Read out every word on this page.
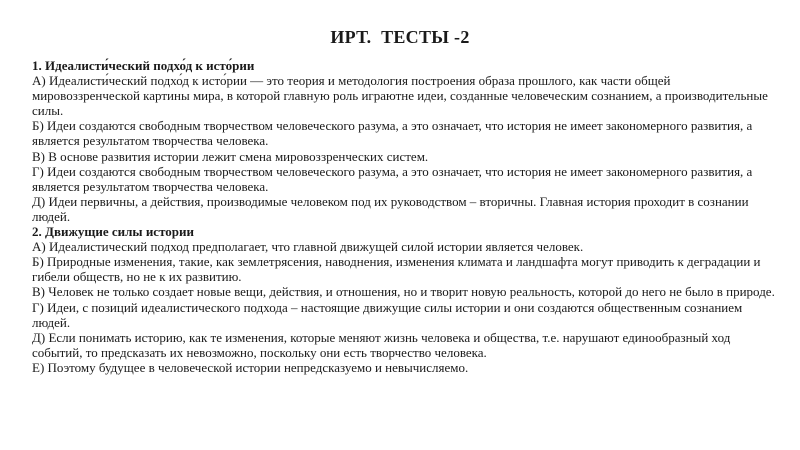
ИРТ.  ТЕСТЫ -2
1. Идеалисти́ческий подхо́д к исто́рии
А) Идеалисти́ческий подхо́д к исто́рии — это теория и методология построения образа прошлого, как части общей мировоззренческой картины мира, в которой главную роль играютне идеи, созданные человеческим сознанием, а производительные силы.
Б) Идеи создаются свободным творчеством человеческого разума, а это означает, что история не имеет закономерного развития, а является результатом творчества человека.
В) В основе развития истории лежит смена мировоззренческих систем.
Г) Идеи создаются свободным творчеством человеческого разума, а это означает, что история не имеет закономерного развития, а является результатом творчества человека.
Д) Идеи первичны, а действия, производимые человеком под их руководством – вторичны. Главная история проходит в сознании людей.
2. Движущие силы истории
А) Идеалистический подход предполагает, что главной движущей силой истории является человек.
Б) Природные изменения, такие, как землетрясения, наводнения, изменения климата и ландшафта могут приводить к деградации и гибели обществ, но не к их развитию.
В) Человек не только создает новые вещи, действия, и отношения, но и творит новую реальность, которой до него не было в природе.
Г) Идеи, с позиций идеалистического подхода – настоящие движущие силы истории и они создаются общественным сознанием людей.
Д) Если понимать историю, как те изменения, которые меняют жизнь человека и общества, т.е. нарушают единообразный ход событий, то предсказать их невозможно, поскольку они есть творчество человека.
Е) Поэтому будущее в человеческой истории непредсказуемо и невычисляемо.
